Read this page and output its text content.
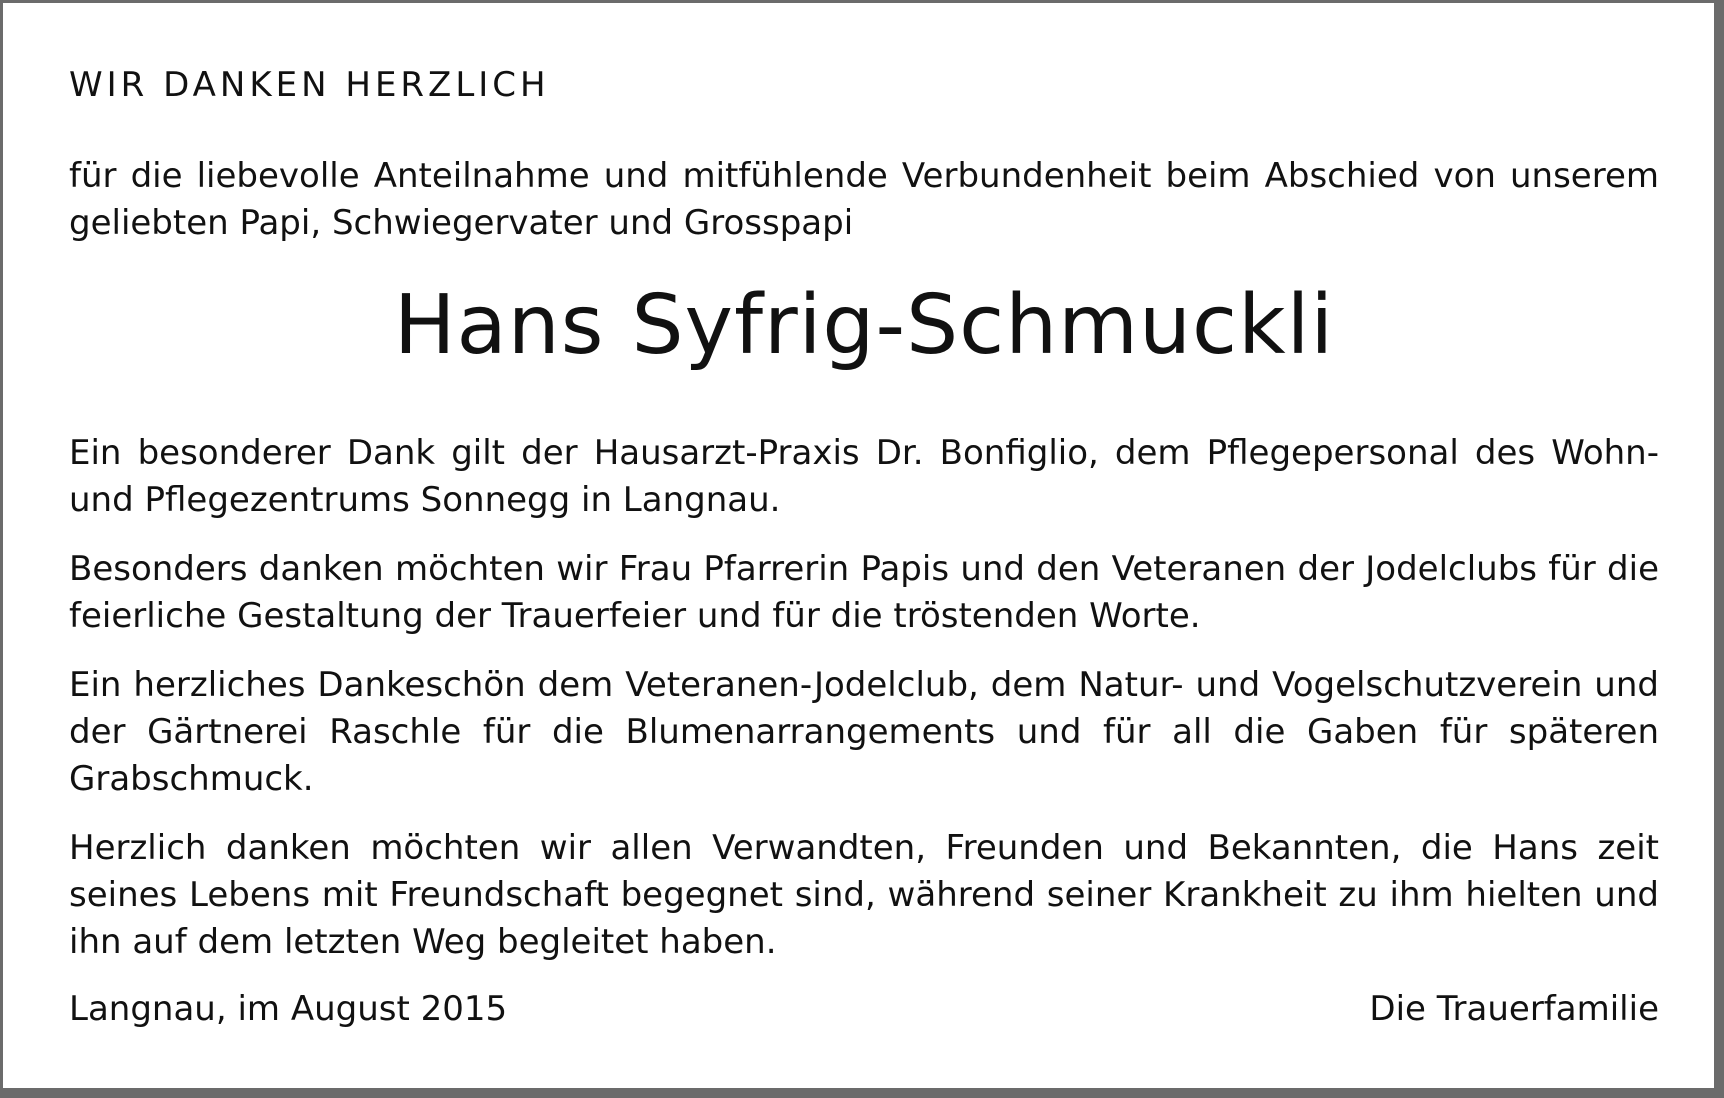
WIR DANKEN HERZLICH

für die liebevolle Anteilnahme und mitfühlende Verbundenheit beim Abschied von unserem geliebten Papi, Schwiegervater und Grosspapi

Hans Syfrig-Schmuckli

Ein besonderer Dank gilt der Hausarzt-Praxis Dr. Bonfiglio, dem Pflegepersonal des Wohn- und Pflegezentrums Sonnegg in Langnau.

Besonders danken möchten wir Frau Pfarrerin Papis und den Veteranen der Jodelclubs für die feierliche Gestaltung der Trauerfeier und für die tröstenden Worte.

Ein herzliches Dankeschön dem Veteranen-Jodelclub, dem Natur- und Vogelschutzverein und der Gärtnerei Raschle für die Blumenarrangements und für all die Gaben für späteren Grabschmuck.

Herzlich danken möchten wir allen Verwandten, Freunden und Bekannten, die Hans zeit seines Lebens mit Freundschaft begegnet sind, während seiner Krankheit zu ihm hielten und ihn auf dem letzten Weg begleitet haben.

Langnau, im August 2015	Die Trauerfamilie
